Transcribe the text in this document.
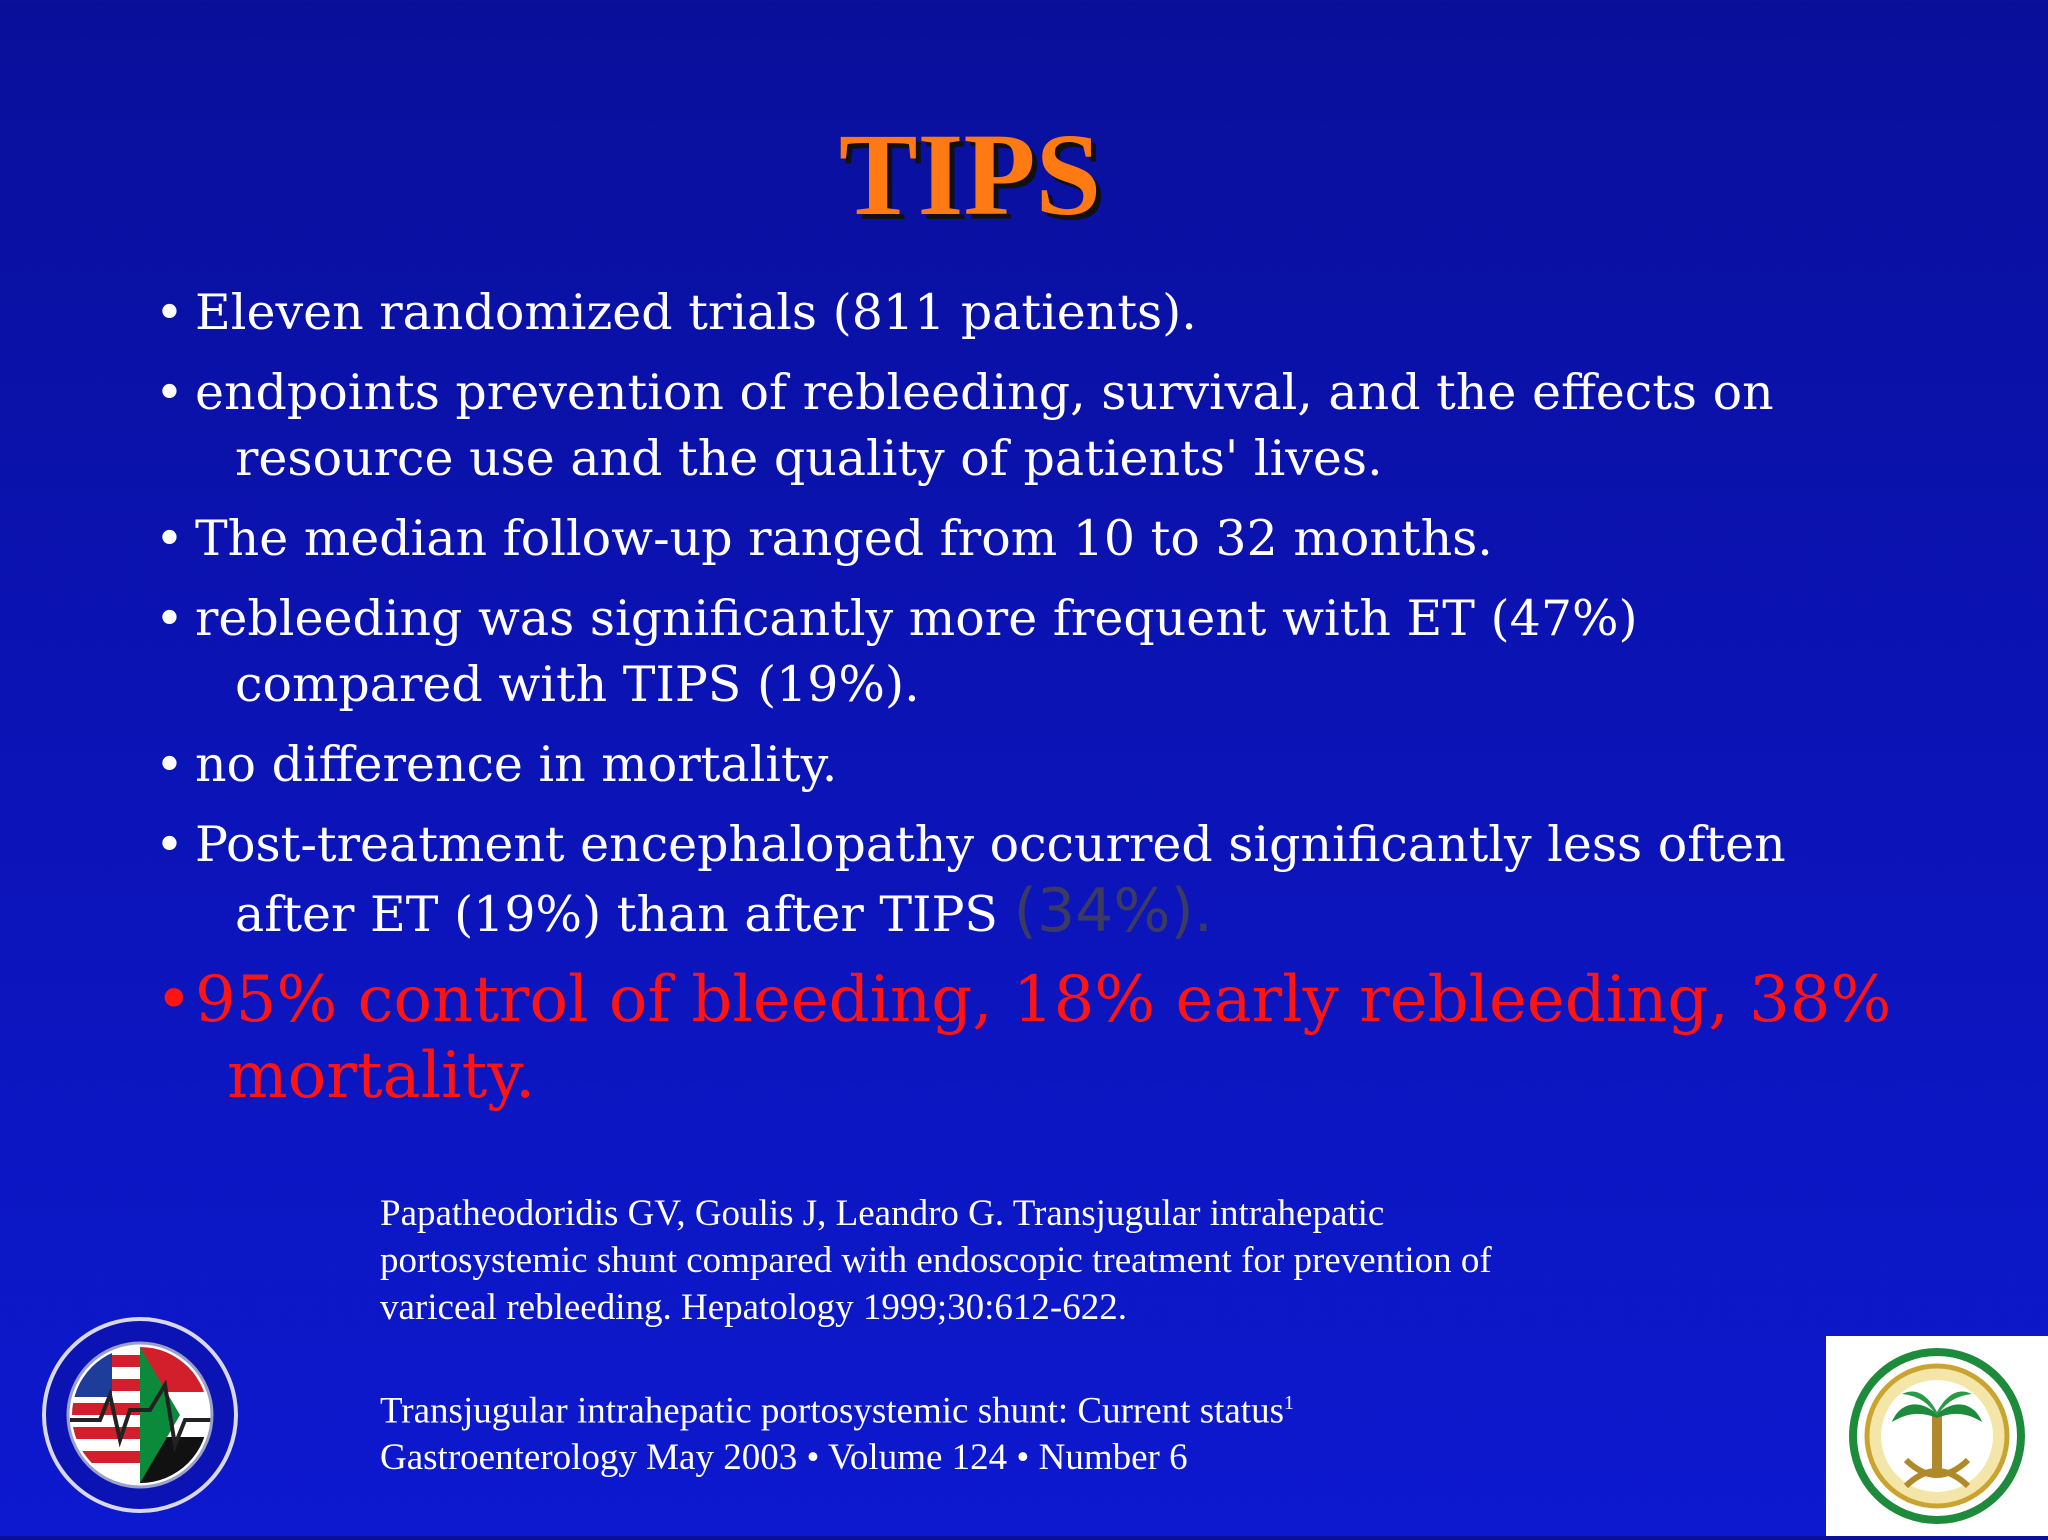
TIPS
• Eleven randomized trials (811 patients).
• endpoints prevention of rebleeding, survival, and the effects on
resource use and the quality of patients' lives.
• The median follow-up ranged from 10 to 32 months.
• rebleeding was significantly more frequent with ET (47%)
compared with TIPS (19%).
• no difference in mortality.
• Post-treatment encephalopathy occurred significantly less often
after ET (19%) than after TIPS (34%).
• 95% control of bleeding, 18% early rebleeding, 38%
mortality.

Papatheodoridis GV, Goulis J, Leandro G. Transjugular intrahepatic
portosystemic shunt compared with endoscopic treatment for prevention of
variceal rebleeding. Hepatology 1999;30:612-622.

Transjugular intrahepatic portosystemic shunt: Current status$^1$
Gastroenterology May 2003 • Volume 124 • Number 6
